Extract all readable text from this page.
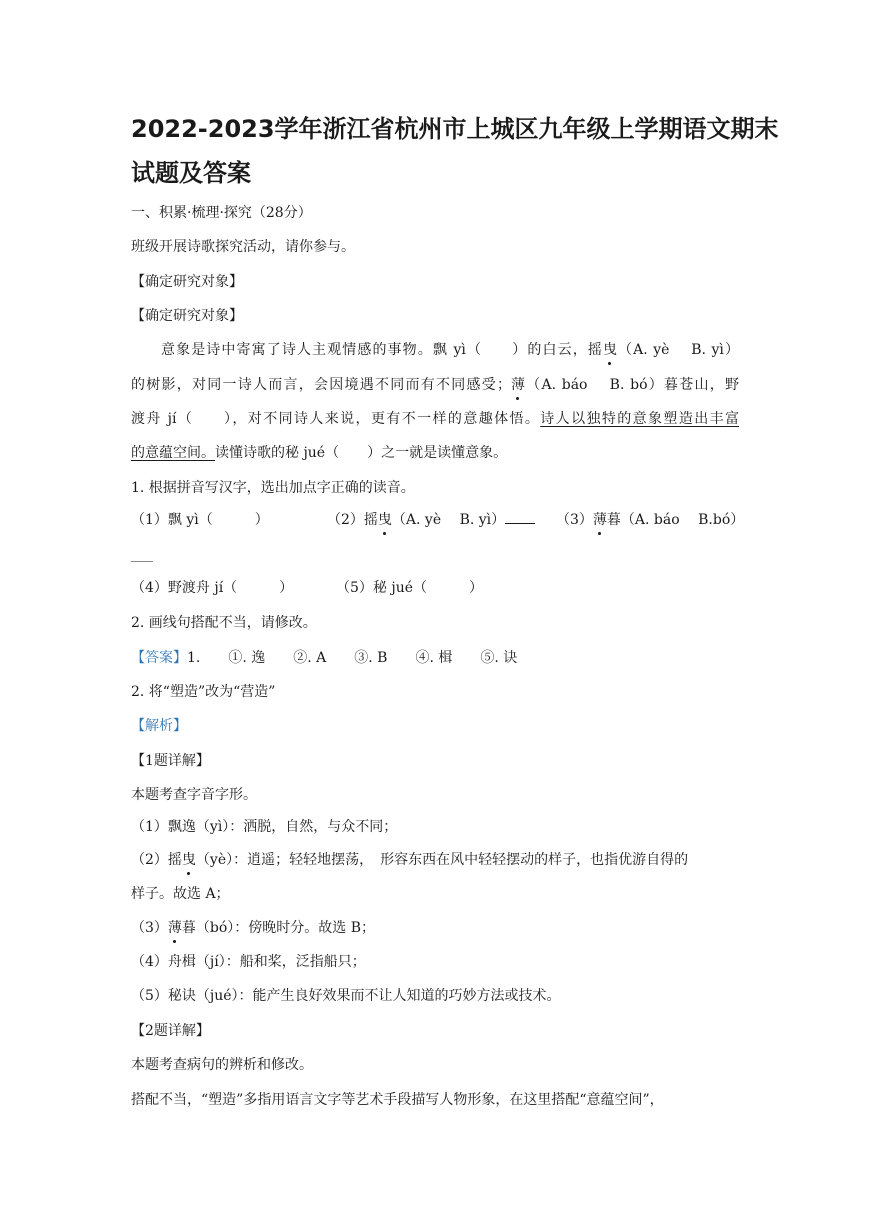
2022-2023学年浙江省杭州市上城区九年级上学期语文期末
试题及答案
一、积累·梳理·探究（28分）
班级开展诗歌探究活动，请你参与。
【确定研究对象】
【确定研究对象】
意象是诗中寄寓了诗人主观情感的事物。飘 yì（　　）的白云，摇曳（A. yè　 B. yì）
的树影，对同一诗人而言，会因境遇不同而有不同感受；薄（A. báo　 B. bó）暮苍山，野
渡舟 jí（　　），对不同诗人来说，更有不一样的意趣体悟。诗人以独特的意象塑造出丰富
的意蕴空间。读懂诗歌的秘 jué（　　）之一就是读懂意象。
1. 根据拼音写汉字，选出加点字正确的读音。
（1）飘 yì（　　　）	（2）摇曳（A. yè　 B. yì）	（3）薄暮（A. báo　 B.bó）
（4）野渡舟 jí（　　　）	（5）秘 jué（　　　）
2. 画线句搭配不当，请修改。
【答案】1.　　①. 逸　　②. A　　③. B　　④. 楫　　⑤. 诀
2. 将“塑造”改为“营造”
【解析】
【1题详解】
本题考查字音字形。
（1）飘逸（yì）：洒脱，自然，与众不同；
（2）摇曳（yè）：逍遥；轻轻地摆荡，　形容东西在风中轻轻摆动的样子，也指优游自得的
样子。故选 A；
（3）薄暮（bó）：傍晚时分。故选 B；
（4）舟楫（jí）：船和桨，泛指船只；
（5）秘诀（jué）：能产生良好效果而不让人知道的巧妙方法或技术。
【2题详解】
本题考查病句的辨析和修改。
搭配不当，“塑造”多指用语言文字等艺术手段描写人物形象，在这里搭配“意蕴空间”，
